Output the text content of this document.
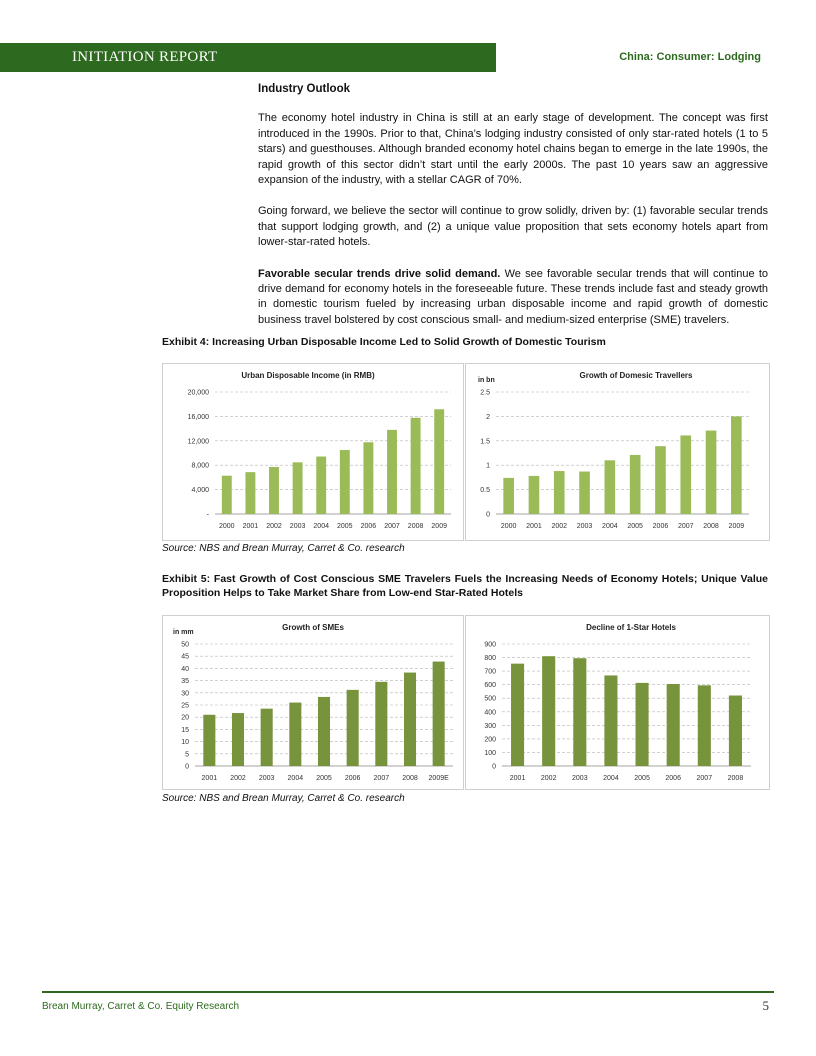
INITIATION REPORT	China: Consumer: Lodging
Industry Outlook

The economy hotel industry in China is still at an early stage of development. The concept was first introduced in the 1990s. Prior to that, China’s lodging industry consisted of only star-rated hotels (1 to 5 stars) and guesthouses. Although branded economy hotel chains began to emerge in the late 1990s, the rapid growth of this sector didn’t start until the early 2000s. The past 10 years saw an aggressive expansion of the industry, with a stellar CAGR of 70%.

Going forward, we believe the sector will continue to grow solidly, driven by: (1) favorable secular trends that support lodging growth, and (2) a unique value proposition that sets economy hotels apart from lower-star-rated hotels.

Favorable secular trends drive solid demand. We see favorable secular trends that will continue to drive demand for economy hotels in the foreseeable future. These trends include fast and steady growth in domestic tourism fueled by increasing urban disposable income and rapid growth of domestic business travel bolstered by cost conscious small- and medium-sized enterprise (SME) travelers.

Exhibit 4: Increasing Urban Disposable Income Led to Solid Growth of Domestic Tourism
Urban Disposable Income (in RMB)
-
4,000
8,000
12,000
16,000
20,000
2000 2001 2002 2003 2004 2005 2006 2007 2008 2009
Growth of Domesic Travellers
in bn
0
0.5
1
1.5
2
2.5
2000 2001 2002 2003 2004 2005 2006 2007 2008 2009
Source: NBS and Brean Murray, Carret & Co. research
Exhibit 5: Fast Growth of Cost Conscious SME Travelers Fuels the Increasing Needs of Economy Hotels; Unique Value Proposition Helps to Take Market Share from Low-end Star-Rated Hotels
Growth of SMEs
in mm
0
5
10
15
20
25
30
35
40
45
50
2001 2002 2003 2004 2005 2006 2007 2008 2009E
Decline of 1-Star Hotels
0
100
200
300
400
500
600
700
800
900
2001 2002 2003 2004 2005 2006 2007 2008
Source: NBS and Brean Murray, Carret & Co. research
Brean Murray, Carret & Co. Equity Research	5
